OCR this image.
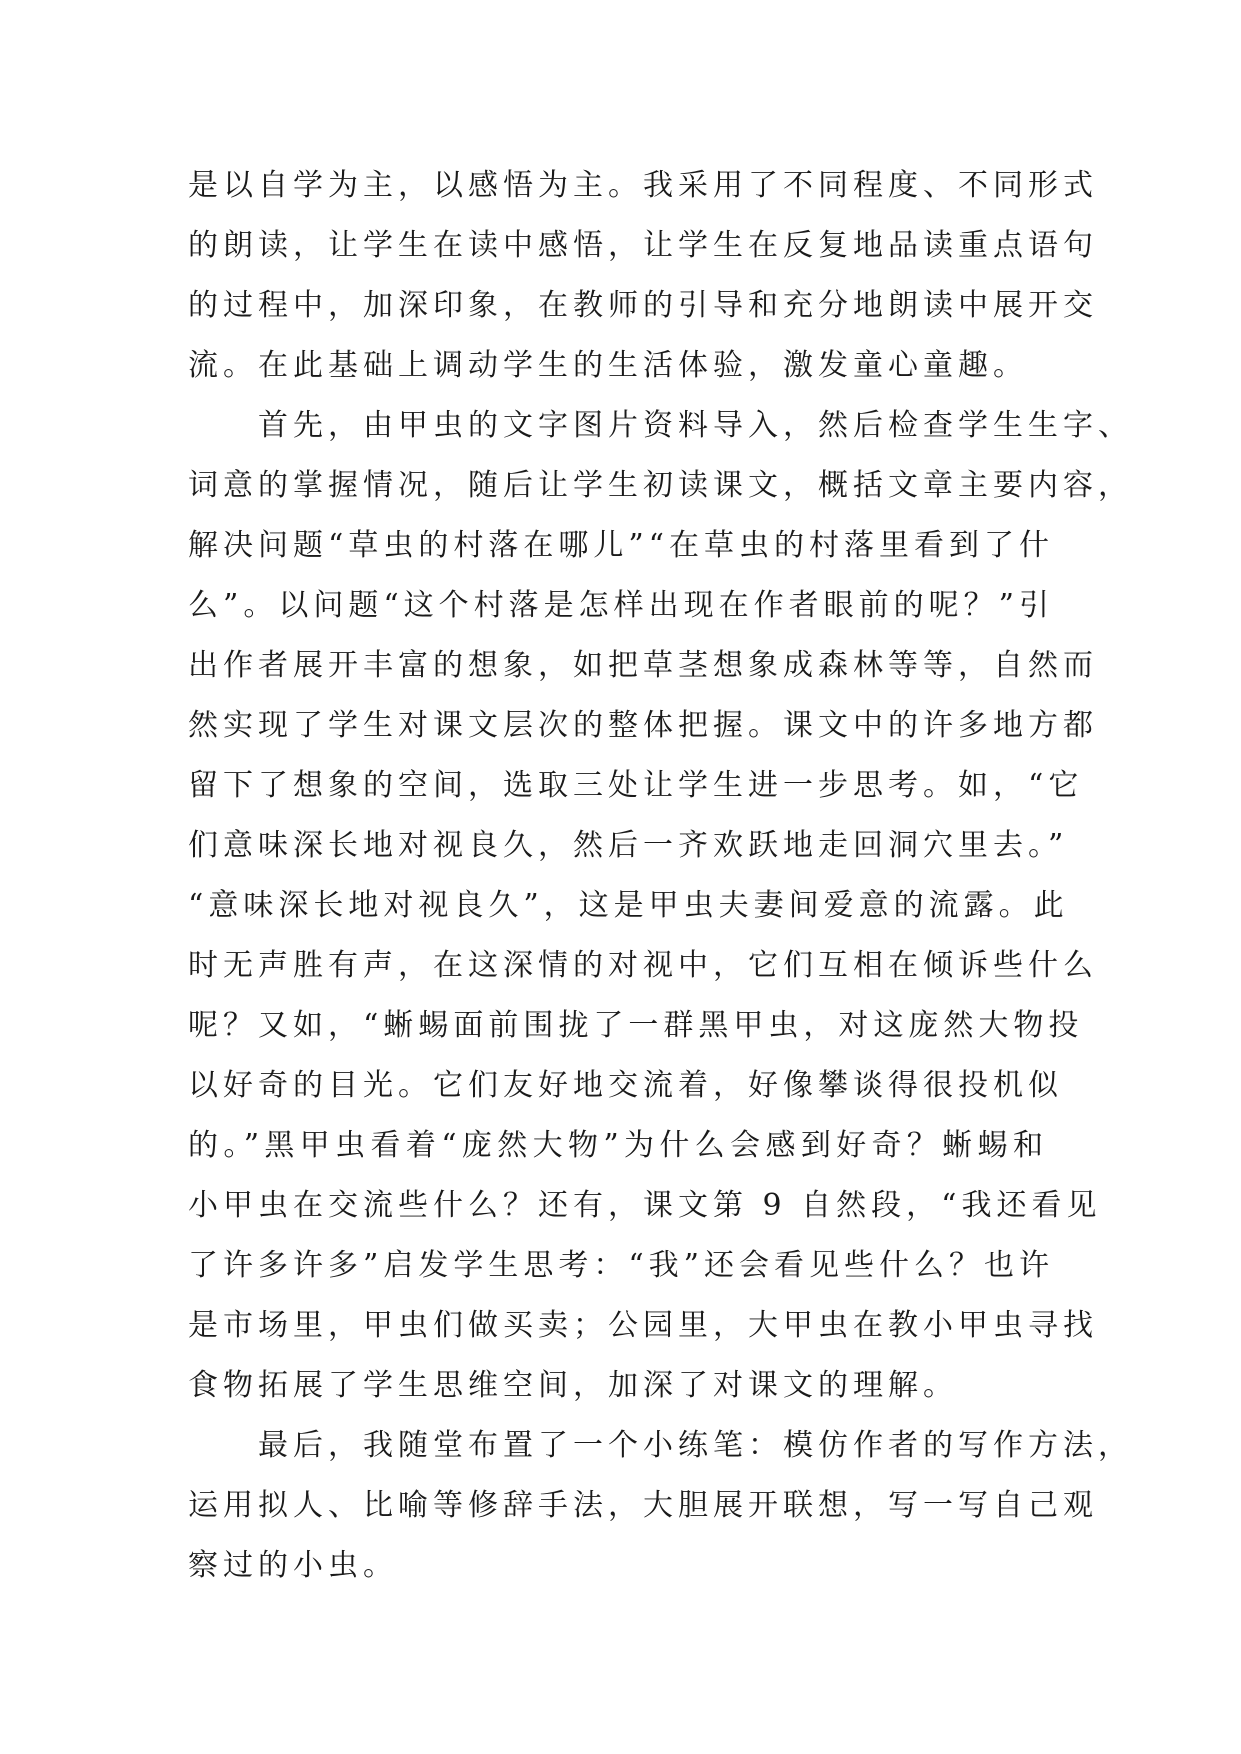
是以自学为主，以感悟为主。我采用了不同程度、不同形式
的朗读，让学生在读中感悟，让学生在反复地品读重点语句
的过程中，加深印象，在教师的引导和充分地朗读中展开交
流。在此基础上调动学生的生活体验，激发童心童趣。
首先，由甲虫的文字图片资料导入，然后检查学生生字、
词意的掌握情况，随后让学生初读课文，概括文章主要内容，
解决问题“草虫的村落在哪儿”“在草虫的村落里看到了什
么”。以问题“这个村落是怎样出现在作者眼前的呢？”引
出作者展开丰富的想象，如把草茎想象成森林等等，自然而
然实现了学生对课文层次的整体把握。课文中的许多地方都
留下了想象的空间，选取三处让学生进一步思考。如，“它
们意味深长地对视良久，然后一齐欢跃地走回洞穴里去。”
“意味深长地对视良久”，这是甲虫夫妻间爱意的流露。此
时无声胜有声，在这深情的对视中，它们互相在倾诉些什么
呢？又如，“蜥蜴面前围拢了一群黑甲虫，对这庞然大物投
以好奇的目光。它们友好地交流着，好像攀谈得很投机似
的。”黑甲虫看着“庞然大物”为什么会感到好奇？蜥蜴和
小甲虫在交流些什么？还有，课文第 9 自然段，“我还看见
了许多许多”启发学生思考：“我”还会看见些什么？也许
是市场里，甲虫们做买卖；公园里，大甲虫在教小甲虫寻找
食物拓展了学生思维空间，加深了对课文的理解。
最后，我随堂布置了一个小练笔：模仿作者的写作方法，
运用拟人、比喻等修辞手法，大胆展开联想，写一写自己观
察过的小虫。
